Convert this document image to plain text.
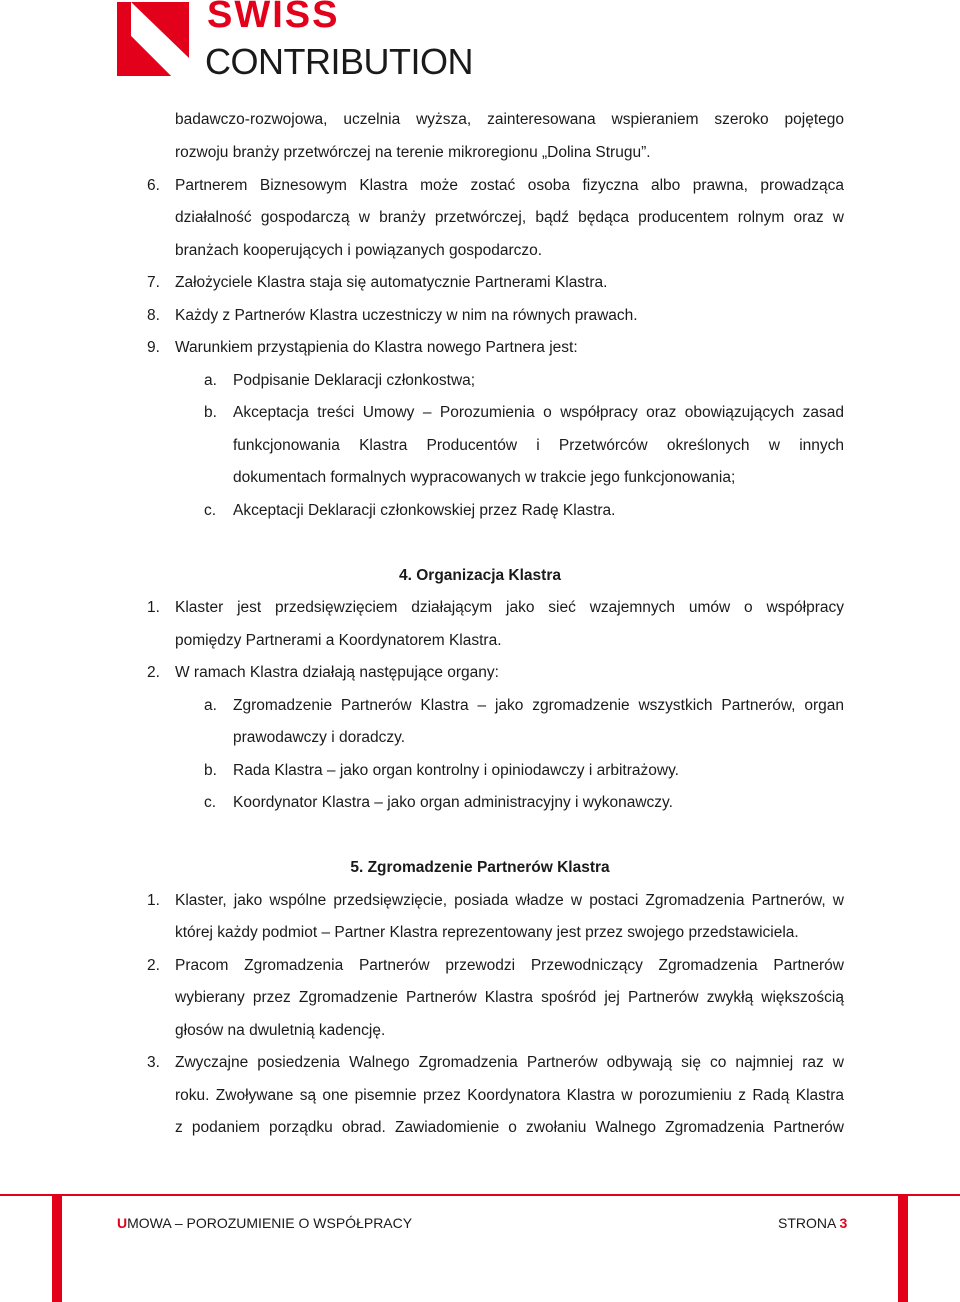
SWISS
CONTRIBUTION
badawczo-rozwojowa, uczelnia wyższa, zainteresowana wspieraniem szeroko pojętego
rozwoju branży przetwórczej na terenie mikroregionu „Dolina Strugu”.
6. Partnerem Biznesowym Klastra może zostać osoba fizyczna albo prawna, prowadząca
działalność gospodarczą w branży przetwórczej, bądź będąca producentem rolnym oraz w
branżach kooperujących i powiązanych gospodarczo.
7. Założyciele Klastra staja się automatycznie Partnerami Klastra.
8. Każdy z Partnerów Klastra uczestniczy w nim na równych prawach.
9. Warunkiem przystąpienia do Klastra nowego Partnera jest:
a. Podpisanie Deklaracji członkostwa;
b. Akceptacja treści Umowy – Porozumienia o współpracy oraz obowiązujących zasad
funkcjonowania Klastra Producentów i Przetwórców określonych w innych
dokumentach formalnych wypracowanych w trakcie jego funkcjonowania;
c. Akceptacji Deklaracji członkowskiej przez Radę Klastra.
4. Organizacja Klastra
1. Klaster jest przedsięwzięciem działającym jako sieć wzajemnych umów o współpracy
pomiędzy Partnerami a Koordynatorem Klastra.
2. W ramach Klastra działają następujące organy:
a. Zgromadzenie Partnerów Klastra – jako zgromadzenie wszystkich Partnerów, organ
prawodawczy i doradczy.
b. Rada Klastra – jako organ kontrolny i opiniodawczy i arbitrażowy.
c. Koordynator Klastra – jako organ administracyjny i wykonawczy.
5. Zgromadzenie Partnerów Klastra
1. Klaster, jako wspólne przedsięwzięcie, posiada władze w postaci Zgromadzenia Partnerów, w
której każdy podmiot – Partner Klastra reprezentowany jest przez swojego przedstawiciela.
2. Pracom Zgromadzenia Partnerów przewodzi Przewodniczący Zgromadzenia Partnerów
wybierany przez Zgromadzenie Partnerów Klastra spośród jej Partnerów zwykłą większością
głosów na dwuletnią kadencję.
3. Zwyczajne posiedzenia Walnego Zgromadzenia Partnerów odbywają się co najmniej raz w
roku. Zwoływane są one pisemnie przez Koordynatora Klastra w porozumieniu z Radą Klastra
z podaniem porządku obrad. Zawiadomienie o zwołaniu Walnego Zgromadzenia Partnerów
UMOWA – POROZUMIENIE O WSPÓŁPRACY	STRONA 3
